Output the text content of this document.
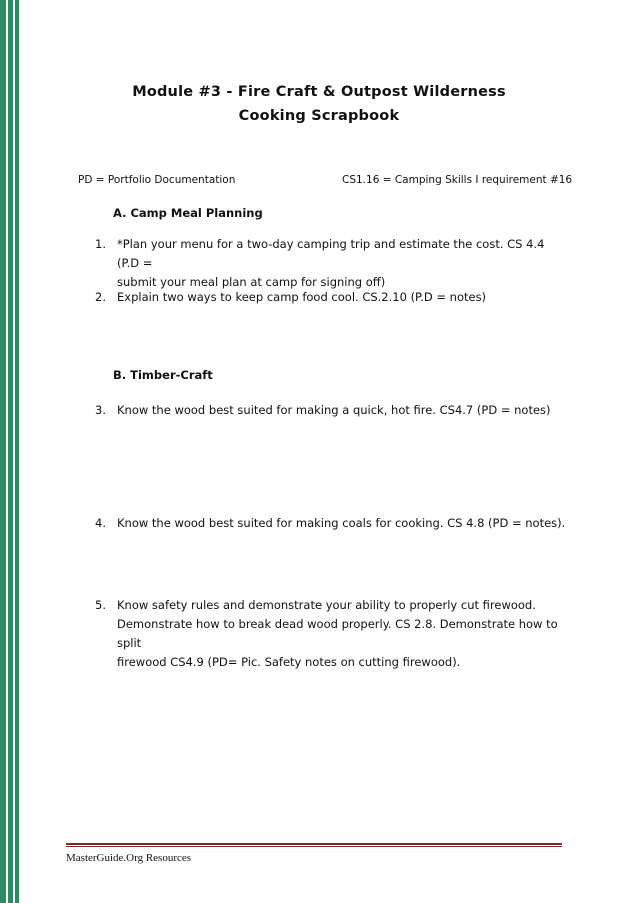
Module #3 - Fire Craft & Outpost Wilderness
Cooking Scrapbook
PD = Portfolio Documentation	CS1.16 = Camping Skills I requirement #16
A. Camp Meal Planning
1. *Plan your menu for a two-day camping trip and estimate the cost. CS 4.4 (P.D =
submit your meal plan at camp for signing off)
2. Explain two ways to keep camp food cool. CS.2.10 (P.D = notes)
B. Timber-Craft
3. Know the wood best suited for making a quick, hot fire. CS4.7 (PD = notes)
4. Know the wood best suited for making coals for cooking. CS 4.8 (PD = notes).
5. Know safety rules and demonstrate your ability to properly cut firewood.
Demonstrate how to break dead wood properly. CS 2.8. Demonstrate how to split
firewood CS4.9 (PD= Pic. Safety notes on cutting firewood).
MasterGuide.Org Resources
